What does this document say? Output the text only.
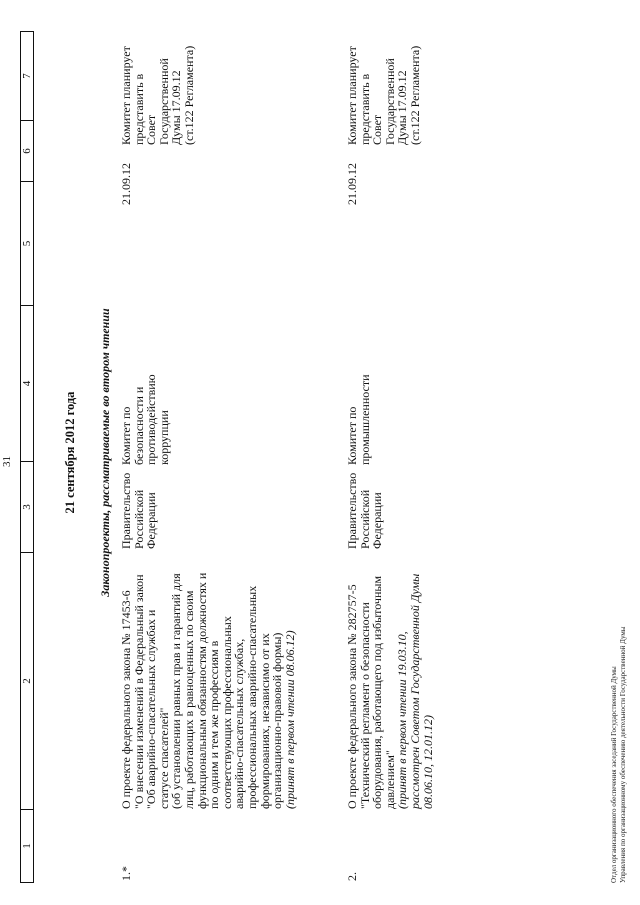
31
1
2
3
4
5
6
7
21 сентября 2012 года Законопроекты, рассматриваемые во втором чтении
1.*
О проекте федерального закона № 17453-6
"О внесении изменений в Федеральный закон
"Об аварийно-спасательных службах и
статусе спасателей"
(об установлении равных прав и гарантий для
лиц, работающих в равноценных по своим
функциональным обязанностям должностях и
по одним и тем же профессиям в
соответствующих профессиональных
аварийно-спасательных службах,
профессиональных аварийно-спасательных
формированиях, независимо от их
организационно-правовой формы)
(принят в первом чтении 08.06.12)
Правительство
Российской
Федерации
Комитет по
безопасности и
противодействию
коррупции
21.09.12
Комитет планирует
представить в
Совет
Государственной
Думы 17.09.12
(ст.122 Регламента)
2.
О проекте федерального закона № 282757-5
"Технический регламент о безопасности
оборудования, работающего под избыточным
давлением"
(принят в первом чтении 19.03.10,
рассмотрен Советом Государственной Думы
08.06.10, 12.01.12)
Правительство
Российской
Федерации
Комитет по
промышленности
21.09.12
Комитет планирует
представить в
Совет
Государственной
Думы 17.09.12
(ст.122 Регламента)
Отдел организационного обеспечения заседаний Государственной Думы Управления по организационному обеспечению деятельности Государственной Думы
